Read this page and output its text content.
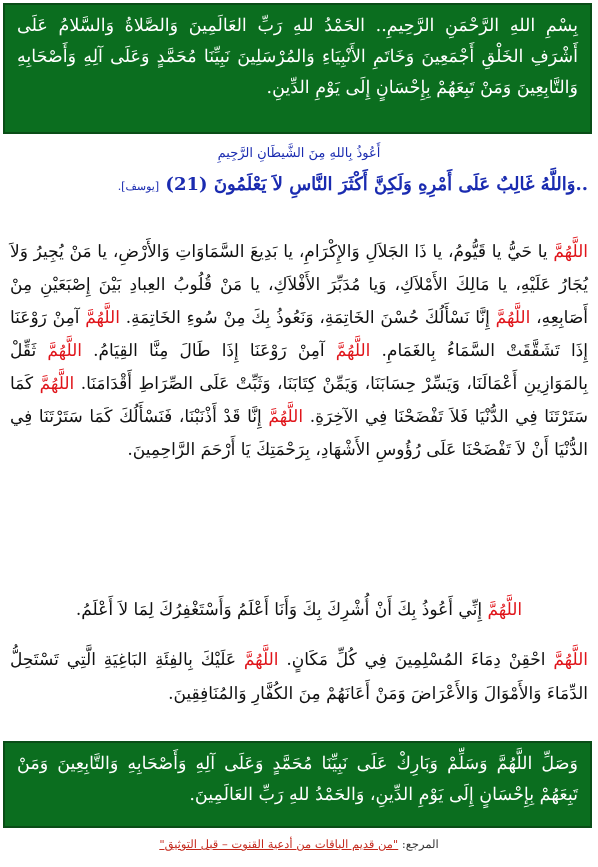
بِسْمِ اللهِ الرَّحْمَنِ الرَّحِيمِ.. الحَمْدُ للهِ رَبِّ العَالَمِينَ وَالصَّلاةُ وَالسَّلامُ عَلَى أَشْرَفِ الخَلْقِ أَجْمَعِينَ وَخَاتَمِ الأَنْبِيَاءِ وَالمُرْسَلِينَ نَبِيِّنَا مُحَمَّدٍ وَعَلَى آلِهِ وَأَصْحَابِهِ وَالتَّابِعِينَ وَمَنْ تَبِعَهُمْ بِإِحْسَانٍ إِلَى يَوْمِ الدِّينِ.
أَعُوذُ بِاللهِ مِنَ الشَّيطَانِ الرَّجِيمِ
..وَاللَّهُ غَالِبٌ عَلَى أَمْرِهِ وَلَكِنَّ أَكْثَرَ النَّاسِ لاَ يَعْلَمُونَ (21) [يوسف].
اللَّهُمَّ يا حَيُّ يا قَيُّومُ، يا ذَا الجَلاَلِ وَالإِكْرَامِ، يا بَدِيعَ السَّمَاوَاتِ وَالأَرْضِ، يا مَنْ يُجِيرُ وَلاَ يُجَارُ عَلَيْهِ، يا مَالِكَ الأَمْلاَكِ، وَيا مُدَبِّرَ الأَفْلاَكِ، يا مَنْ قُلُوبُ العِبادِ بَيْنَ إِصْبَعَيْنِ مِنْ أَصَابِعِهِ، اللَّهُمَّ إِنَّا نَسْأَلُكَ حُسْنَ الخَاتِمَةِ، وَنَعُوذُ بِكَ مِنْ سُوءِ الخَاتِمَةِ. اللَّهُمَّ آمِنْ رَوْعَنَا إِذَا تَشَقَّقَتْ السَّمَاءُ بِالغَمَامِ. اللَّهُمَّ آمِنْ رَوْعَنَا إِذَا طَالَ مِنَّا القِيَامُ. اللَّهُمَّ ثَقِّلْ بِالمَوَازِينِ أَعْمَالَنَا، وَيَسِّرْ حِسَابَنَا، وَيَمِّنْ كِتَابَنَا، وَثَبِّتْ عَلَى الصِّرَاطِ أَقْدَامَنَا. اللَّهُمَّ كَمَا سَتَرْتَنَا فِي الدُّنْيَا فَلاَ تَفْضَحْنَا فِي الآخِرَةِ. اللَّهُمَّ إِنَّا قَدْ أَذْنَبْنَا، فَنَسْأَلُكَ كَمَا سَتَرْتَنَا فِي الدُّنْيَا أَنْ لاَ تَفْضَحْنَا عَلَى رُؤُوسِ الأَشْهَادِ، بِرَحْمَتِكَ يَا أَرْحَمَ الرَّاحِمِينَ.
اللَّهُمَّ إِنِّي أَعُوذُ بِكَ أَنْ أُشْرِكَ بِكَ وَأَنَا أَعْلَمُ وَأَسْتَغْفِرُكَ لِمَا لاَ أَعْلَمُ.
اللَّهُمَّ احْقِنْ دِمَاءَ المُسْلِمِينَ فِي كُلِّ مَكَانٍ. اللَّهُمَّ عَلَيْكَ بِالفِئَةِ البَاغِيَةِ الَّتِي تَسْتَحِلُّ الدِّمَاءَ وَالأَمْوَالَ وَالأَعْرَاضَ وَمَنْ أَعَانَهُمْ مِنَ الكُفَّارِ وَالمُنَافِقِينَ.
وَصَلِّ اللَّهُمَّ وَسَلِّمْ وَبَارِكْ عَلَى نَبِيِّنَا مُحَمَّدٍ وَعَلَى آلِهِ وَأَصْحَابِهِ وَالتَّابِعِينَ وَمَنْ تَبِعَهُمْ بِإِحْسَانٍ إِلَى يَوْمِ الدِّينِ، وَالحَمْدُ للهِ رَبِّ العَالَمِينَ.
المرجع: "من قديم الباقات من أدعية القنوت – قبل التوثيق"
